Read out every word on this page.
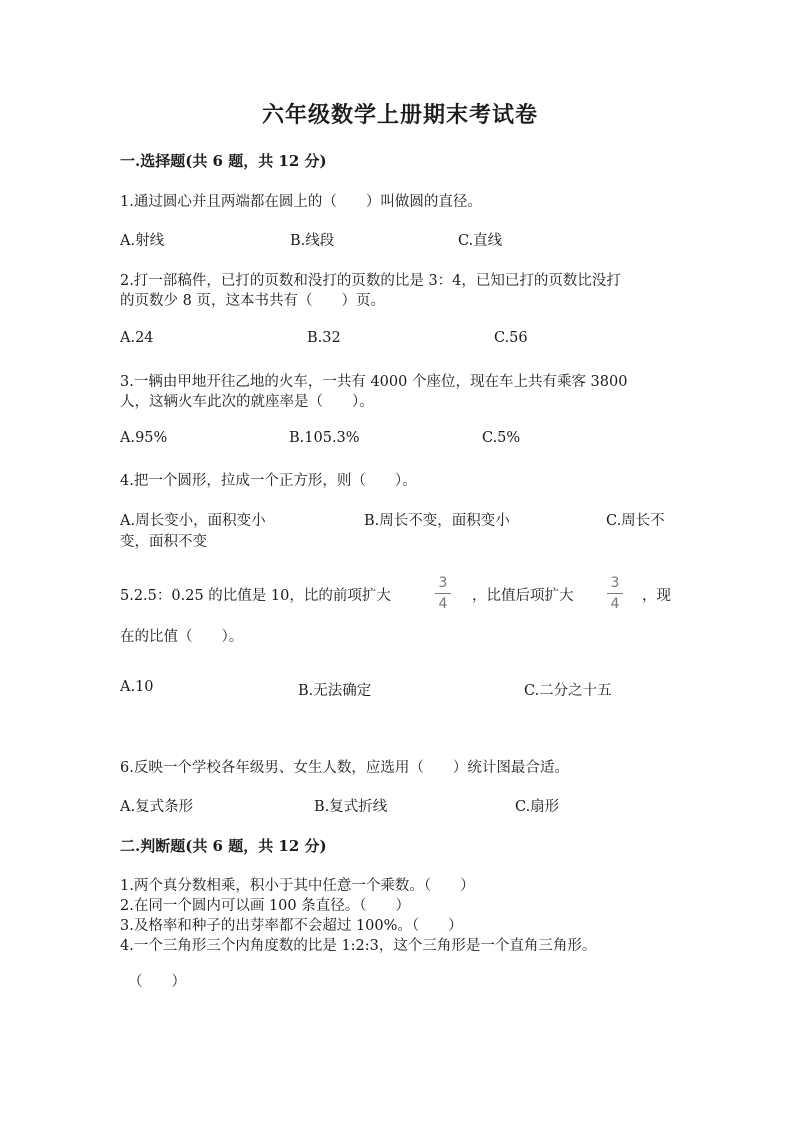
六年级数学上册期末考试卷
一.选择题(共 6 题，共 12 分)
1.通过圆心并且两端都在圆上的（　　）叫做圆的直径。
A.射线	B.线段	C.直线
2.打一部稿件，已打的页数和没打的页数的比是 3：4，已知已打的页数比没打
的页数少 8 页，这本书共有（　　）页。
A.24	B.32	C.56
3.一辆由甲地开往乙地的火车，一共有 4000 个座位，现在车上共有乘客 3800
人，这辆火车此次的就座率是（　　）。
A.95%	B.105.3%	C.5%
4.把一个圆形，拉成一个正方形，则（　　）。
A.周长变小，面积变小	B.周长不变，面积变小	C.周长不
变，面积不变
5.2.5：0.25 的比值是 10，比的前项扩大
3
4	，比值后项扩大
3
4	，现
在的比值（　　）。
A.10	B.无法确定	C.二分之十五
6.反映一个学校各年级男、女生人数，应选用（　　）统计图最合适。
A.复式条形	B.复式折线	C.扇形
二.判断题(共 6 题，共 12 分)
1.两个真分数相乘，积小于其中任意一个乘数。（　　）
2.在同一个圆内可以画 100 条直径。（　　）
3.及格率和种子的出芽率都不会超过 100%。（　　）
4.一个三角形三个内角度数的比是 1:2:3，这个三角形是一个直角三角形。
（　　）
